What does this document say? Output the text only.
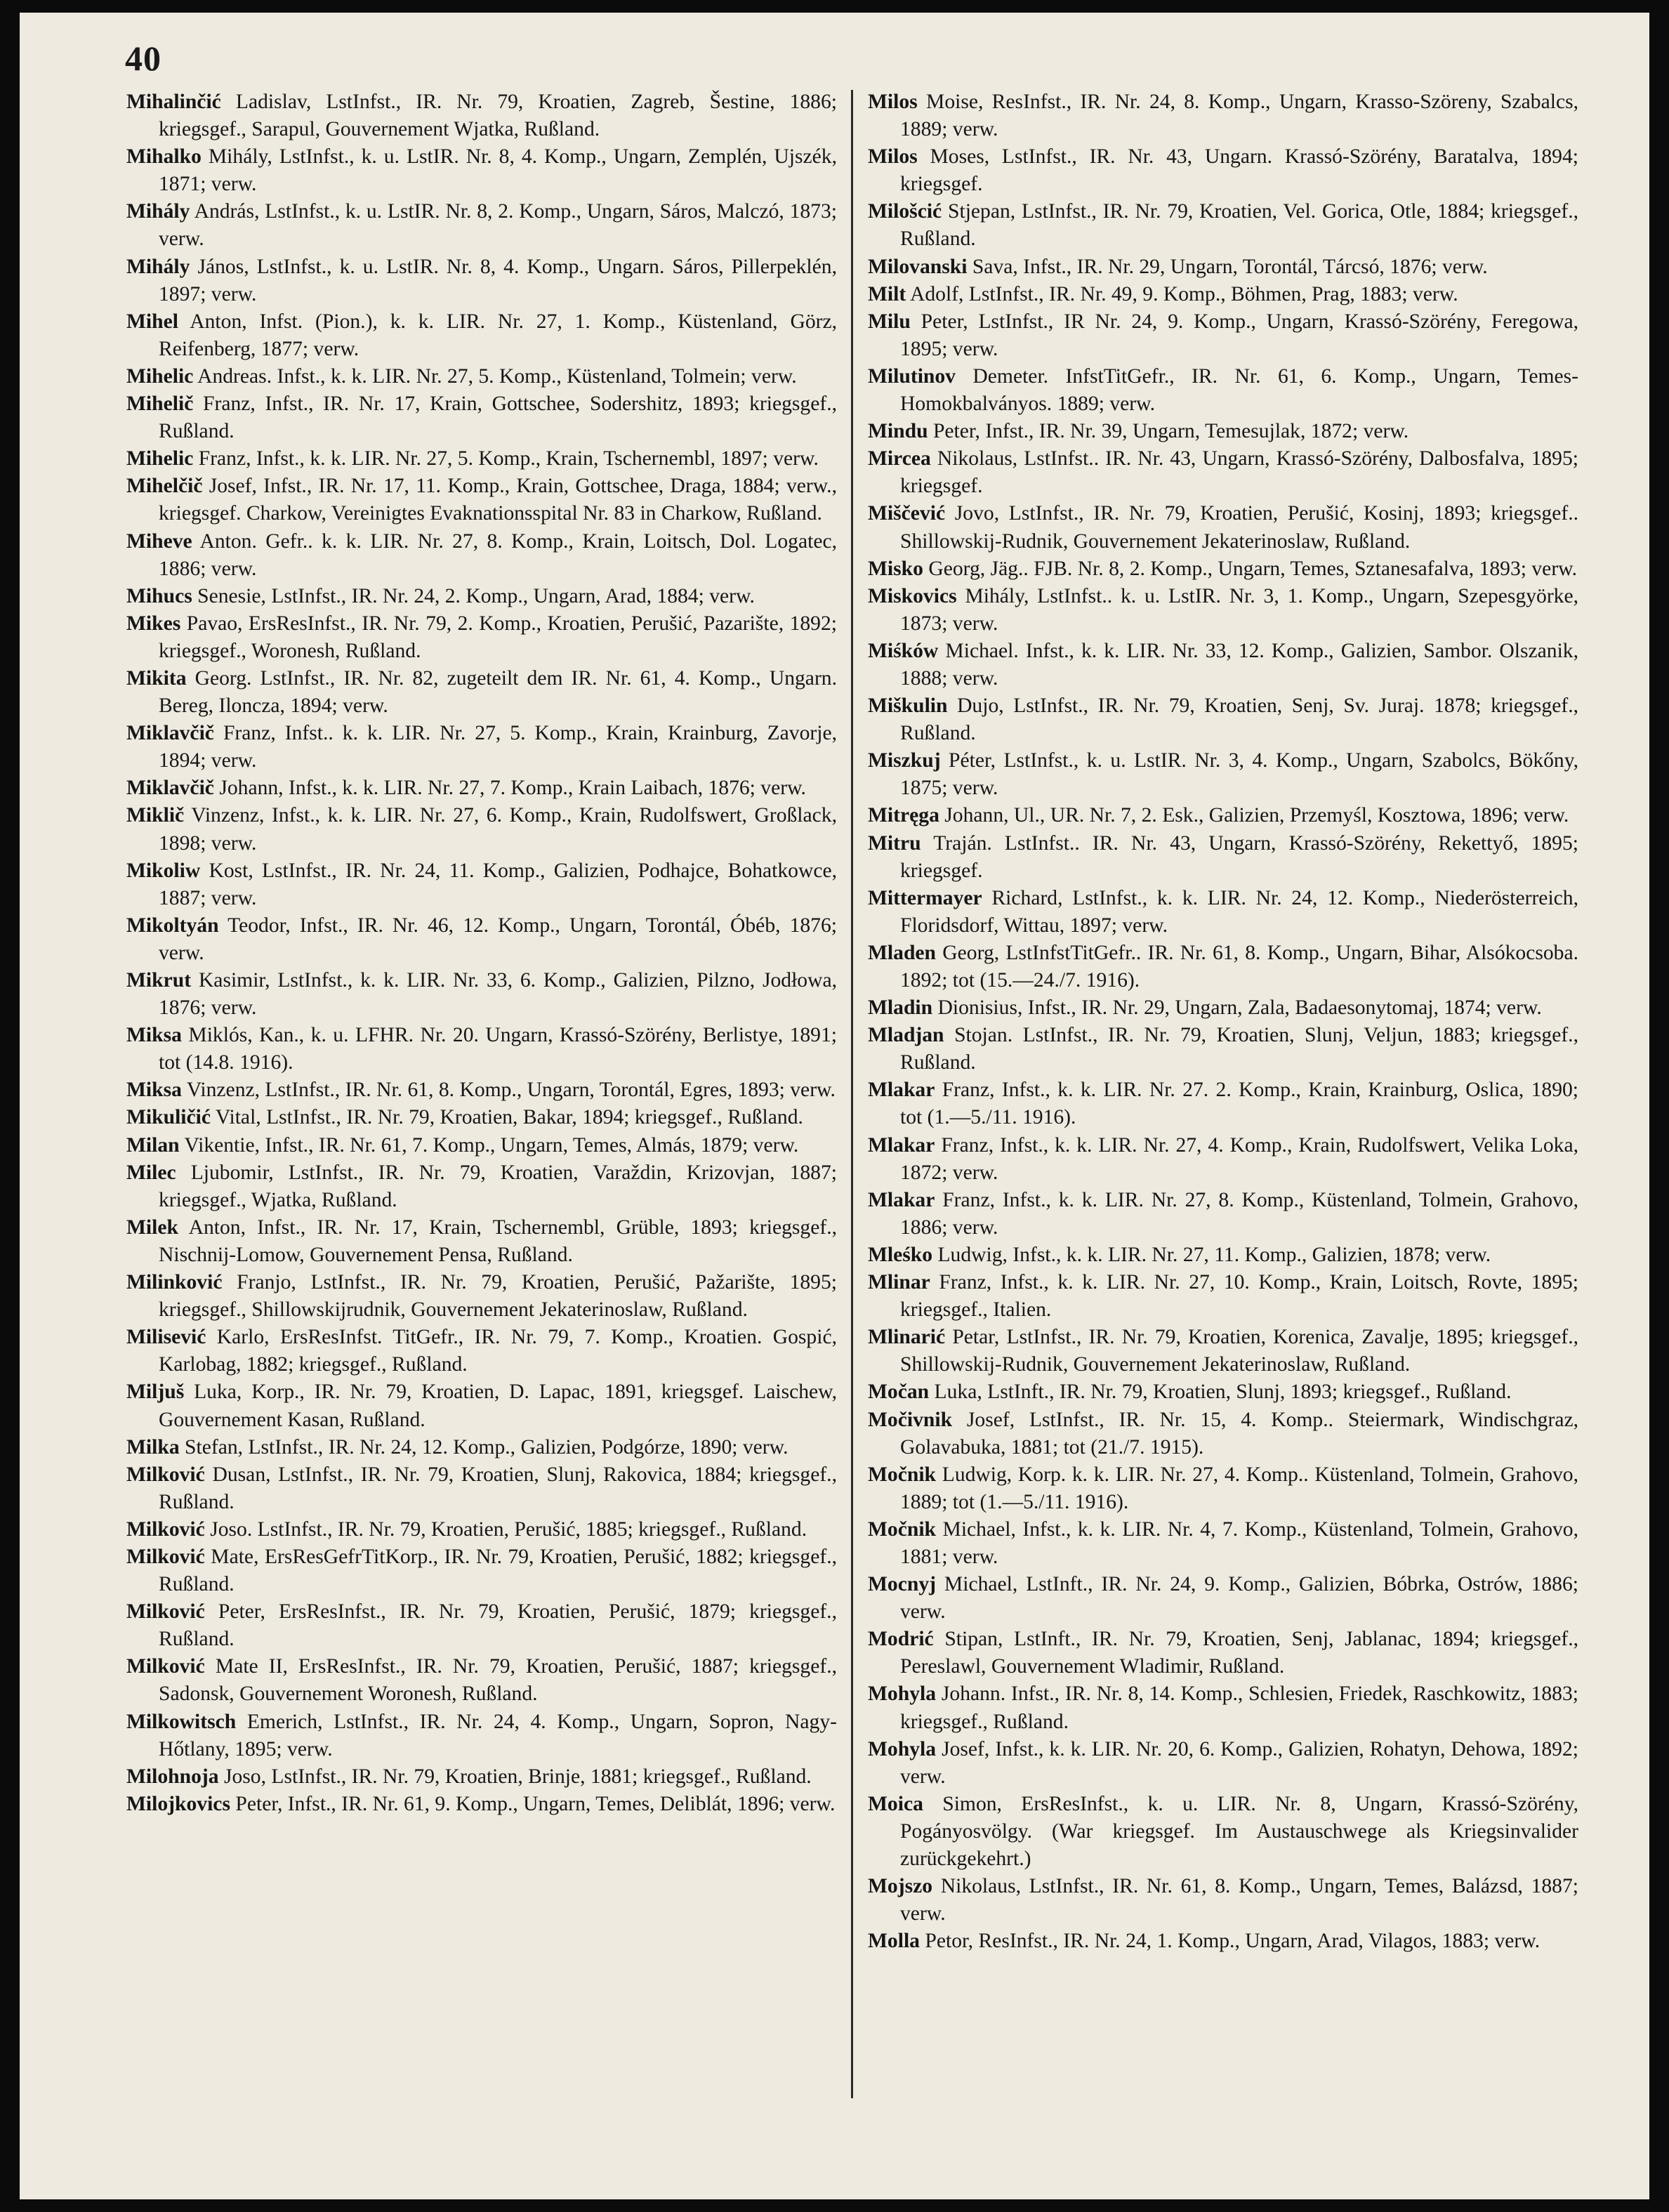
40

Mihalinčić Ladislav, LstInfst., IR. Nr. 79, Kroatien, Zagreb, Šestine, 1886; kriegsgef., Sarapul, Gouvernement Wjatka, Rußland.

Mihalko Mihály, LstInfst., k. u. LstIR. Nr. 8, 4. Komp., Ungarn, Zemplén, Ujszék, 1871; verw.

Mihály András, LstInfst., k. u. LstIR. Nr. 8, 2. Komp., Ungarn, Sáros, Malczó, 1873; verw.

Mihály János, LstInfst., k. u. LstIR. Nr. 8, 4. Komp., Ungarn. Sáros, Pillerpeklén, 1897; verw.

Mihel Anton, Infst. (Pion.), k. k. LIR. Nr. 27, 1. Komp., Küstenland, Görz, Reifenberg, 1877; verw.

Mihelic Andreas. Infst., k. k. LIR. Nr. 27, 5. Komp., Küstenland, Tolmein; verw.

Mihelič Franz, Infst., IR. Nr. 17, Krain, Gottschee, Sodershitz, 1893; kriegsgef., Rußland.

Mihelic Franz, Infst., k. k. LIR. Nr. 27, 5. Komp., Krain, Tschernembl, 1897; verw.

Mihelčič Josef, Infst., IR. Nr. 17, 11. Komp., Krain, Gottschee, Draga, 1884; verw., kriegsgef. Charkow, Vereinigtes Evaknationsspital Nr. 83 in Charkow, Rußland.

Miheve Anton. Gefr.. k. k. LIR. Nr. 27, 8. Komp., Krain, Loitsch, Dol. Logatec, 1886; verw.

Mihucs Senesie, LstInfst., IR. Nr. 24, 2. Komp., Ungarn, Arad, 1884; verw.

Mikes Pavao, ErsResInfst., IR. Nr. 79, 2. Komp., Kroatien, Perušić, Pazarište, 1892; kriegsgef., Woronesh, Rußland.

Mikita Georg. LstInfst., IR. Nr. 82, zugeteilt dem IR. Nr. 61, 4. Komp., Ungarn. Bereg, Iloncza, 1894; verw.

Miklavčič Franz, Infst.. k. k. LIR. Nr. 27, 5. Komp., Krain, Krainburg, Zavorje, 1894; verw.

Miklavčič Johann, Infst., k. k. LIR. Nr. 27, 7. Komp., Krain Laibach, 1876; verw.

Miklič Vinzenz, Infst., k. k. LIR. Nr. 27, 6. Komp., Krain, Rudolfswert, Großlack, 1898; verw.

Mikoliw Kost, LstInfst., IR. Nr. 24, 11. Komp., Galizien, Podhajce, Bohatkowce, 1887; verw.

Mikoltyán Teodor, Infst., IR. Nr. 46, 12. Komp., Ungarn, Torontál, Óbéb, 1876; verw.

Mikrut Kasimir, LstInfst., k. k. LIR. Nr. 33, 6. Komp., Galizien, Pilzno, Jodłowa, 1876; verw.

Miksa Miklós, Kan., k. u. LFHR. Nr. 20. Ungarn, Krassó-Szörény, Berlistye, 1891; tot (14.8. 1916).

Miksa Vinzenz, LstInfst., IR. Nr. 61, 8. Komp., Ungarn, Torontál, Egres, 1893; verw.

Mikuličić Vital, LstInfst., IR. Nr. 79, Kroatien, Bakar, 1894; kriegsgef., Rußland.

Milan Vikentie, Infst., IR. Nr. 61, 7. Komp., Ungarn, Temes, Almás, 1879; verw.

Milec Ljubomir, LstInfst., IR. Nr. 79, Kroatien, Varaždin, Krizovjan, 1887; kriegsgef., Wjatka, Rußland.

Milek Anton, Infst., IR. Nr. 17, Krain, Tschernembl, Grüble, 1893; kriegsgef., Nischnij-Lomow, Gouvernement Pensa, Rußland.

Milinković Franjo, LstInfst., IR. Nr. 79, Kroatien, Perušić, Pažarište, 1895; kriegsgef., Shillowskijrudnik, Gouvernement Jekaterinoslaw, Rußland.

Milisević Karlo, ErsResInfst. TitGefr., IR. Nr. 79, 7. Komp., Kroatien. Gospić, Karlobag, 1882; kriegsgef., Rußland.

Miljuš Luka, Korp., IR. Nr. 79, Kroatien, D. Lapac, 1891, kriegsgef. Laischew, Gouvernement Kasan, Rußland.

Milka Stefan, LstInfst., IR. Nr. 24, 12. Komp., Galizien, Podgórze, 1890; verw.

Milković Dusan, LstInfst., IR. Nr. 79, Kroatien, Slunj, Rakovica, 1884; kriegsgef., Rußland.

Milković Joso. LstInfst., IR. Nr. 79, Kroatien, Perušić, 1885; kriegsgef., Rußland.

Milković Mate, ErsResGefrTitKorp., IR. Nr. 79, Kroatien, Perušić, 1882; kriegsgef., Rußland.

Milković Peter, ErsResInfst., IR. Nr. 79, Kroatien, Perušić, 1879; kriegsgef., Rußland.

Milković Mate II, ErsResInfst., IR. Nr. 79, Kroatien, Perušić, 1887; kriegsgef., Sadonsk, Gouvernement Woronesh, Rußland.

Milkowitsch Emerich, LstInfst., IR. Nr. 24, 4. Komp., Ungarn, Sopron, Nagy-Hőtlany, 1895; verw.

Milohnoja Joso, LstInfst., IR. Nr. 79, Kroatien, Brinje, 1881; kriegsgef., Rußland.

Milojkovics Peter, Infst., IR. Nr. 61, 9. Komp., Ungarn, Temes, Deliblát, 1896; verw.

Milos Moise, ResInfst., IR. Nr. 24, 8. Komp., Ungarn, Krasso-Szöreny, Szabalcs, 1889; verw.

Milos Moses, LstInfst., IR. Nr. 43, Ungarn. Krassó-Szörény, Baratalva, 1894; kriegsgef.

Milošcić Stjepan, LstInfst., IR. Nr. 79, Kroatien, Vel. Gorica, Otle, 1884; kriegsgef., Rußland.

Milovanski Sava, Infst., IR. Nr. 29, Ungarn, Torontál, Tárcsó, 1876; verw.

Milt Adolf, LstInfst., IR. Nr. 49, 9. Komp., Böhmen, Prag, 1883; verw.

Milu Peter, LstInfst., IR Nr. 24, 9. Komp., Ungarn, Krassó-Szörény, Feregowa, 1895; verw.

Milutinov Demeter. InfstTitGefr., IR. Nr. 61, 6. Komp., Ungarn, Temes-Homokbalványos. 1889; verw.

Mindu Peter, Infst., IR. Nr. 39, Ungarn, Temesujlak, 1872; verw.

Mircea Nikolaus, LstInfst.. IR. Nr. 43, Ungarn, Krassó-Szörény, Dalbosfalva, 1895; kriegsgef.

Miščević Jovo, LstInfst., IR. Nr. 79, Kroatien, Perušić, Kosinj, 1893; kriegsgef.. Shillowskij-Rudnik, Gouvernement Jekaterinoslaw, Rußland.

Misko Georg, Jäg.. FJB. Nr. 8, 2. Komp., Ungarn, Temes, Sztanesafalva, 1893; verw.

Miskovics Mihály, LstInfst.. k. u. LstIR. Nr. 3, 1. Komp., Ungarn, Szepesgyörke, 1873; verw.

Miśków Michael. Infst., k. k. LIR. Nr. 33, 12. Komp., Galizien, Sambor. Olszanik, 1888; verw.

Miškulin Dujo, LstInfst., IR. Nr. 79, Kroatien, Senj, Sv. Juraj. 1878; kriegsgef., Rußland.

Miszkuj Péter, LstInfst., k. u. LstIR. Nr. 3, 4. Komp., Ungarn, Szabolcs, Bökőny, 1875; verw.

Mitręga Johann, Ul., UR. Nr. 7, 2. Esk., Galizien, Przemyśl, Kosztowa, 1896; verw.

Mitru Traján. LstInfst.. IR. Nr. 43, Ungarn, Krassó-Szörény, Rekettyő, 1895; kriegsgef.

Mittermayer Richard, LstInfst., k. k. LIR. Nr. 24, 12. Komp., Niederösterreich, Floridsdorf, Wittau, 1897; verw.

Mladen Georg, LstInfstTitGefr.. IR. Nr. 61, 8. Komp., Ungarn, Bihar, Alsókocsoba. 1892; tot (15.—24./7. 1916).

Mladin Dionisius, Infst., IR. Nr. 29, Ungarn, Zala, Badaesonytomaj, 1874; verw.

Mladjan Stojan. LstInfst., IR. Nr. 79, Kroatien, Slunj, Veljun, 1883; kriegsgef., Rußland.

Mlakar Franz, Infst., k. k. LIR. Nr. 27. 2. Komp., Krain, Krainburg, Oslica, 1890; tot (1.—5./11. 1916).

Mlakar Franz, Infst., k. k. LIR. Nr. 27, 4. Komp., Krain, Rudolfswert, Velika Loka, 1872; verw.

Mlakar Franz, Infst., k. k. LIR. Nr. 27, 8. Komp., Küstenland, Tolmein, Grahovo, 1886; verw.

Mleśko Ludwig, Infst., k. k. LIR. Nr. 27, 11. Komp., Galizien, 1878; verw.

Mlinar Franz, Infst., k. k. LIR. Nr. 27, 10. Komp., Krain, Loitsch, Rovte, 1895; kriegsgef., Italien.

Mlinarić Petar, LstInfst., IR. Nr. 79, Kroatien, Korenica, Zavalje, 1895; kriegsgef., Shillowskij-Rudnik, Gouvernement Jekaterinoslaw, Rußland.

Močan Luka, LstInft., IR. Nr. 79, Kroatien, Slunj, 1893; kriegsgef., Rußland.

Močivnik Josef, LstInfst., IR. Nr. 15, 4. Komp.. Steiermark, Windischgraz, Golavabuka, 1881; tot (21./7. 1915).

Močnik Ludwig, Korp. k. k. LIR. Nr. 27, 4. Komp.. Küstenland, Tolmein, Grahovo, 1889; tot (1.—5./11. 1916).

Močnik Michael, Infst., k. k. LIR. Nr. 4, 7. Komp., Küstenland, Tolmein, Grahovo, 1881; verw.

Mocnyj Michael, LstInft., IR. Nr. 24, 9. Komp., Galizien, Bóbrka, Ostrów, 1886; verw.

Modrić Stipan, LstInft., IR. Nr. 79, Kroatien, Senj, Jablanac, 1894; kriegsgef., Pereslawl, Gouvernement Wladimir, Rußland.

Mohyla Johann. Infst., IR. Nr. 8, 14. Komp., Schlesien, Friedek, Raschkowitz, 1883; kriegsgef., Rußland.

Mohyla Josef, Infst., k. k. LIR. Nr. 20, 6. Komp., Galizien, Rohatyn, Dehowa, 1892; verw.

Moica Simon, ErsResInfst., k. u. LIR. Nr. 8, Ungarn, Krassó-Szörény, Pogányosvölgy. (War kriegsgef. Im Austauschwege als Kriegsinvalider zurückgekehrt.)

Mojszo Nikolaus, LstInfst., IR. Nr. 61, 8. Komp., Ungarn, Temes, Balázsd, 1887; verw.

Molla Petor, ResInfst., IR. Nr. 24, 1. Komp., Ungarn, Arad, Vilagos, 1883; verw.
